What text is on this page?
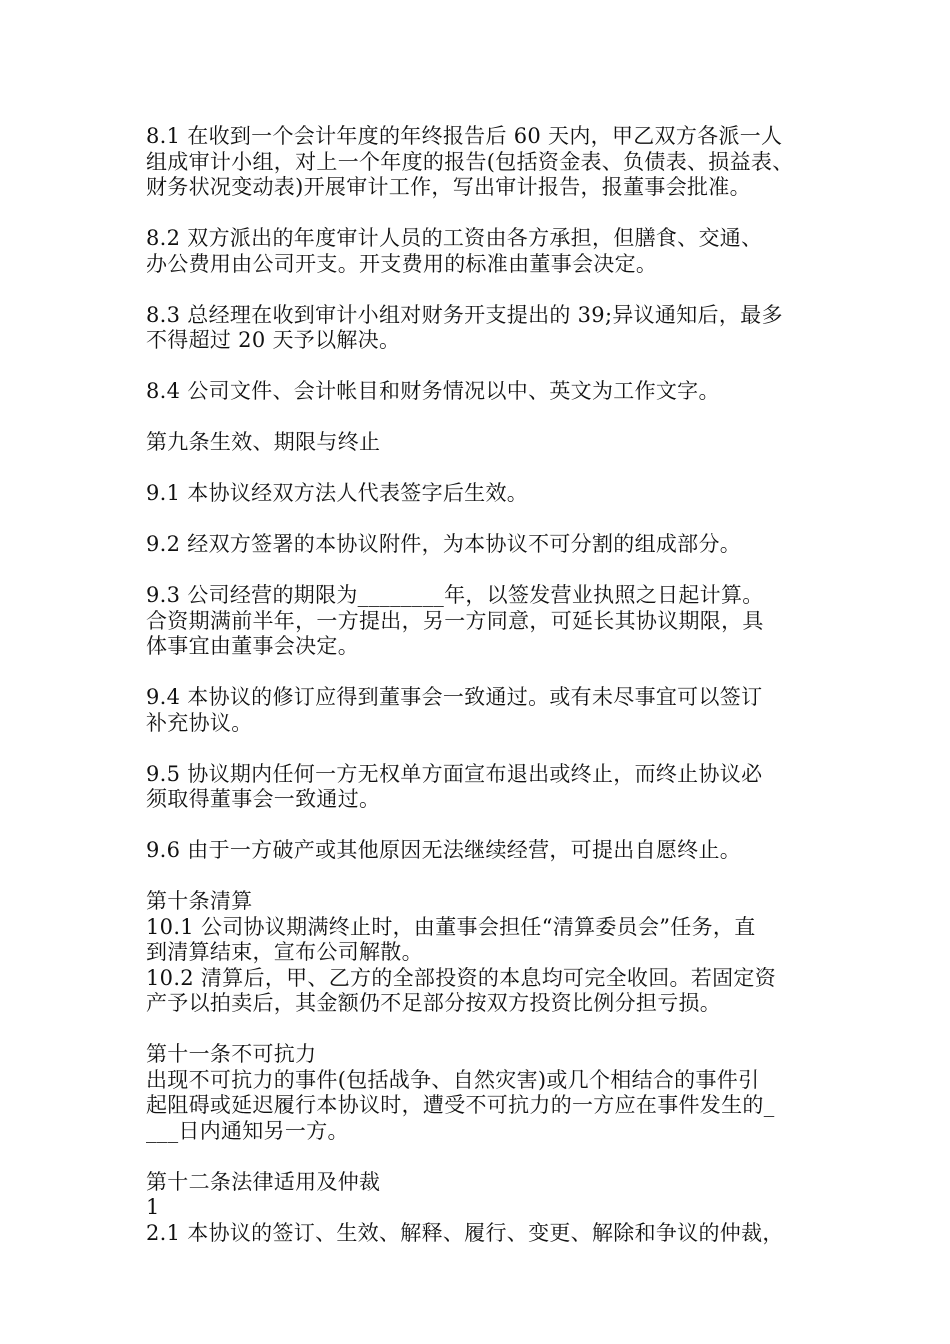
8.1 在收到一个会计年度的年终报告后 60 天内，甲乙双方各派一人
组成审计小组，对上一个年度的报告(包括资金表、负债表、损益表、
财务状况变动表)开展审计工作，写出审计报告，报董事会批准。
8.2 双方派出的年度审计人员的工资由各方承担，但膳食、交通、
办公费用由公司开支。开支费用的标准由董事会决定。
8.3 总经理在收到审计小组对财务开支提出的 39;异议通知后，最多
不得超过 20 天予以解决。
8.4 公司文件、会计帐目和财务情况以中、英文为工作文字。
第九条生效、期限与终止
9.1 本协议经双方法人代表签字后生效。
9.2 经双方签署的本协议附件，为本协议不可分割的组成部分。
9.3 公司经营的期限为________年，以签发营业执照之日起计算。
合资期满前半年，一方提出，另一方同意，可延长其协议期限，具
体事宜由董事会决定。
9.4 本协议的修订应得到董事会一致通过。或有未尽事宜可以签订
补充协议。
9.5 协议期内任何一方无权单方面宣布退出或终止，而终止协议必
须取得董事会一致通过。
9.6 由于一方破产或其他原因无法继续经营，可提出自愿终止。
第十条清算
10.1 公司协议期满终止时，由董事会担任“清算委员会”任务，直
到清算结束，宣布公司解散。
10.2 清算后，甲、乙方的全部投资的本息均可完全收回。若固定资
产予以拍卖后，其金额仍不足部分按双方投资比例分担亏损。
第十一条不可抗力
出现不可抗力的事件(包括战争、自然灾害)或几个相结合的事件引
起阻碍或延迟履行本协议时，遭受不可抗力的一方应在事件发生的_
___日内通知另一方。
第十二条法律适用及仲裁
1
2.1 本协议的签订、生效、解释、履行、变更、解除和争议的仲裁，
